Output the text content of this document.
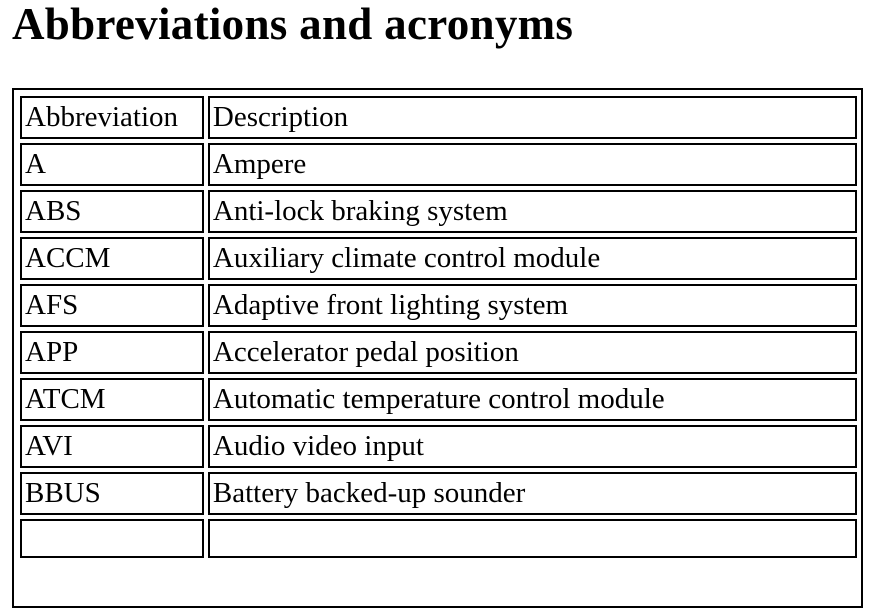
Abbreviations and acronyms
Abbreviation	Description
A	Ampere
ABS	Anti-lock braking system
ACCM	Auxiliary climate control module
AFS	Adaptive front lighting system
APP	Accelerator pedal position
ATCM	Automatic temperature control module
AVI	Audio video input
BBUS	Battery backed-up sounder
